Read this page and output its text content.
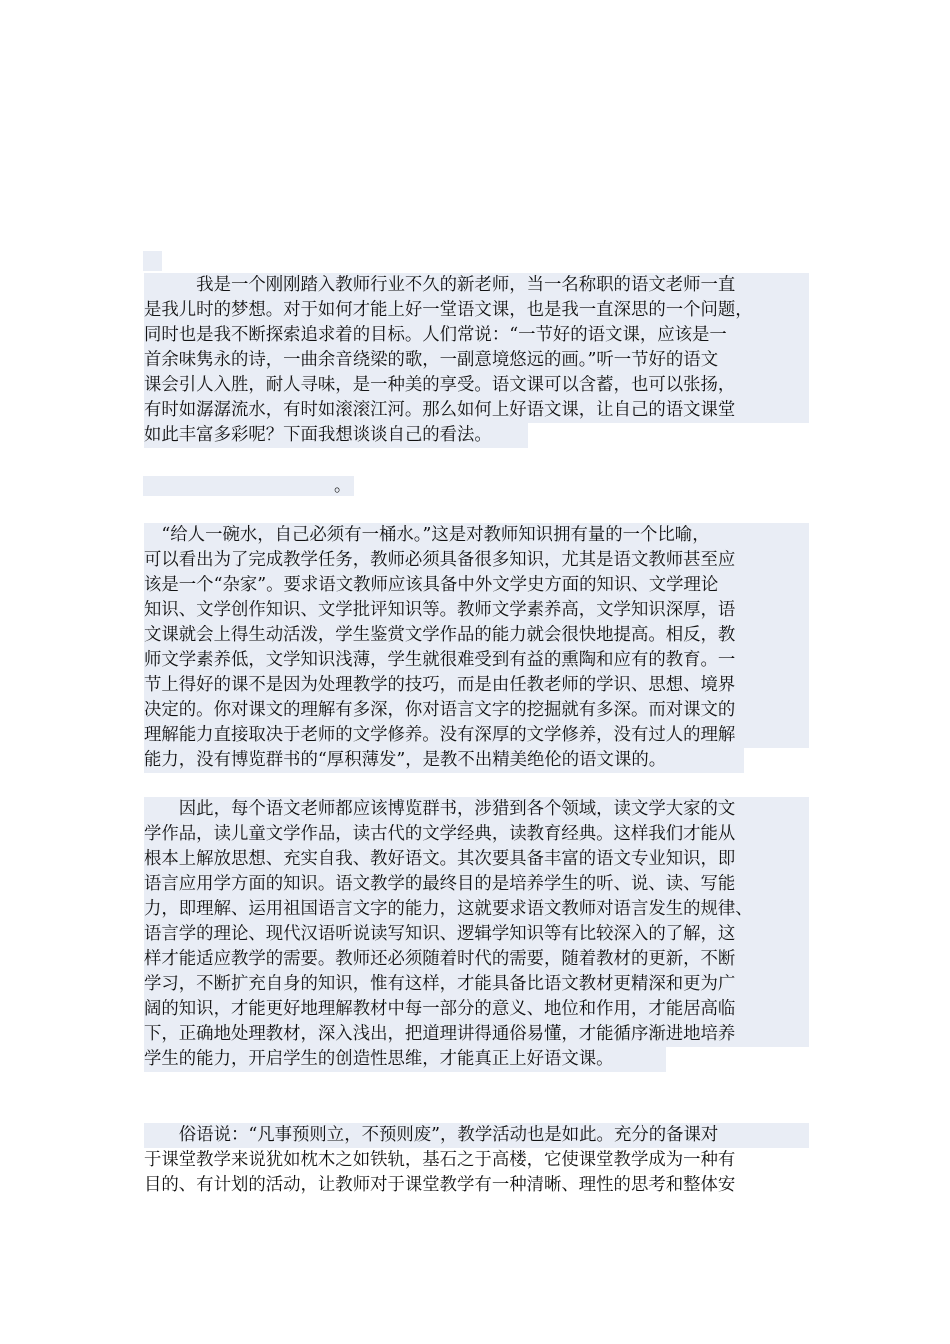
　　　我是一个刚刚踏入教师行业不久的新老师，当一名称职的语文老师一直
是我儿时的梦想。对于如何才能上好一堂语文课，也是我一直深思的一个问题，
同时也是我不断探索追求着的目标。人们常说：“一节好的语文课，应该是一
首余味隽永的诗，一曲余音绕梁的歌，一副意境悠远的画。”听一节好的语文
课会引人入胜，耐人寻味，是一种美的享受。语文课可以含蓄，也可以张扬，
有时如潺潺流水，有时如滚滚江河。那么如何上好语文课，让自己的语文课堂
如此丰富多彩呢？下面我想谈谈自己的看法。
。
　“给人一碗水，自己必须有一桶水。”这是对教师知识拥有量的一个比喻，
可以看出为了完成教学任务，教师必须具备很多知识，尤其是语文教师甚至应
该是一个“杂家”。要求语文教师应该具备中外文学史方面的知识、文学理论
知识、文学创作知识、文学批评知识等。教师文学素养高，文学知识深厚，语
文课就会上得生动活泼，学生鉴赏文学作品的能力就会很快地提高。相反，教
师文学素养低，文学知识浅薄，学生就很难受到有益的熏陶和应有的教育。一
节上得好的课不是因为处理教学的技巧，而是由任教老师的学识、思想、境界
决定的。你对课文的理解有多深，你对语言文字的挖掘就有多深。而对课文的
理解能力直接取决于老师的文学修养。没有深厚的文学修养，没有过人的理解
能力，没有博览群书的“厚积薄发”，是教不出精美绝伦的语文课的。
　　因此，每个语文老师都应该博览群书，涉猎到各个领域，读文学大家的文
学作品，读儿童文学作品，读古代的文学经典，读教育经典。这样我们才能从
根本上解放思想、充实自我、教好语文。其次要具备丰富的语文专业知识，即
语言应用学方面的知识。语文教学的最终目的是培养学生的听、说、读、写能
力，即理解、运用祖国语言文字的能力，这就要求语文教师对语言发生的规律、
语言学的理论、现代汉语听说读写知识、逻辑学知识等有比较深入的了解，这
样才能适应教学的需要。教师还必须随着时代的需要，随着教材的更新，不断
学习，不断扩充自身的知识，惟有这样，才能具备比语文教材更精深和更为广
阔的知识，才能更好地理解教材中每一部分的意义、地位和作用，才能居高临
下，正确地处理教材，深入浅出，把道理讲得通俗易懂，才能循序渐进地培养
学生的能力，开启学生的创造性思维，才能真正上好语文课。
　　俗语说：“凡事预则立，不预则废”，教学活动也是如此。充分的备课对
于课堂教学来说犹如枕木之如铁轨，基石之于高楼，它使课堂教学成为一种有
目的、有计划的活动，让教师对于课堂教学有一种清晰、理性的思考和整体安
